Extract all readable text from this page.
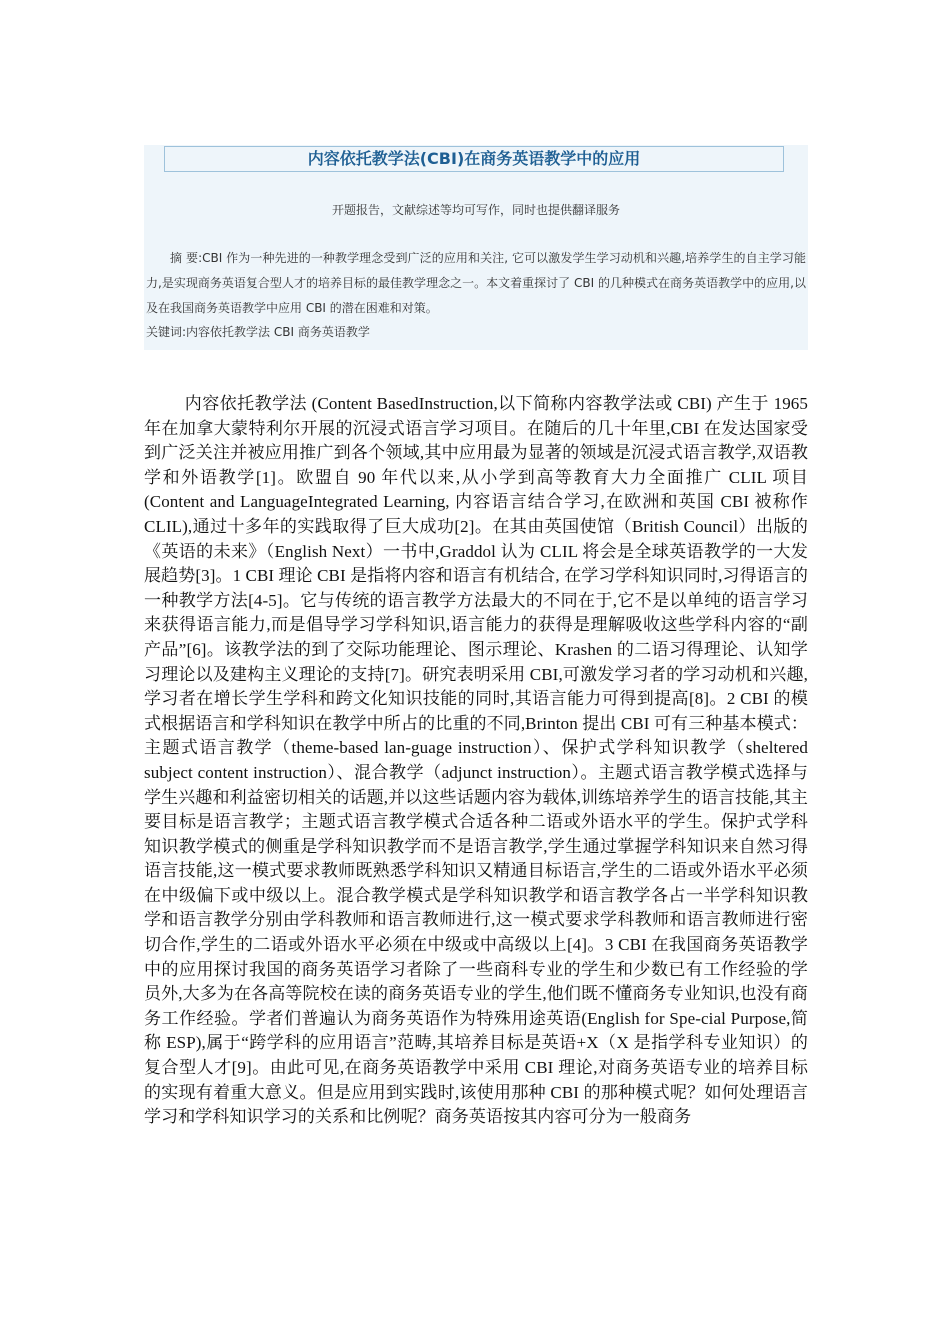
内容依托教学法(CBI)在商务英语教学中的应用
开题报告，文献综述等均可写作，同时也提供翻译服务

摘 要:CBI 作为一种先进的一种教学理念受到广泛的应用和关注, 它可以激发学生学习动机和兴趣,培养学生的自主学习能力,是实现商务英语复合型人才的培养目标的最佳教学理念之一。本文着重探讨了 CBI 的几种模式在商务英语教学中的应用,以及在我国商务英语教学中应用 CBI 的潜在困难和对策。

关键词:内容依托教学法 CBI 商务英语教学

内容依托教学法 (Content BasedInstruction,以下简称内容教学法或 CBI) 产生于 1965 年在加拿大蒙特利尔开展的沉浸式语言学习项目。在随后的几十年里,CBI 在发达国家受到广泛关注并被应用推广到各个领域,其中应用最为显著的领域是沉浸式语言教学,双语教学和外语教学[1]。欧盟自 90 年代以来,从小学到高等教育大力全面推广 CLIL 项目(Content and LanguageIntegrated Learning, 内容语言结合学习,在欧洲和英国 CBI 被称作 CLIL),通过十多年的实践取得了巨大成功[2]。在其由英国使馆（British Council）出版的《英语的未来》（English Next）一书中,Graddol 认为 CLIL 将会是全球英语教学的一大发展趋势[3]。1 CBI 理论 CBI 是指将内容和语言有机结合, 在学习学科知识同时,习得语言的一种教学方法[4-5]。它与传统的语言教学方法最大的不同在于,它不是以单纯的语言学习来获得语言能力,而是倡导学习学科知识,语言能力的获得是理解吸收这些学科内容的“副产品”[6]。该教学法的到了交际功能理论、图示理论、Krashen 的二语习得理论、认知学习理论以及建构主义理论的支持[7]。研究表明采用 CBI,可激发学习者的学习动机和兴趣,学习者在增长学生学科和跨文化知识技能的同时,其语言能力可得到提高[8]。2 CBI 的模式根据语言和学科知识在教学中所占的比重的不同,Brinton 提出 CBI 可有三种基本模式：主题式语言教学（theme-based lan-guage instruction）、保护式学科知识教学（sheltered subject content instruction）、混合教学（adjunct instruction）。主题式语言教学模式选择与学生兴趣和利益密切相关的话题,并以这些话题内容为载体,训练培养学生的语言技能,其主要目标是语言教学；主题式语言教学模式合适各种二语或外语水平的学生。保护式学科知识教学模式的侧重是学科知识教学而不是语言教学,学生通过掌握学科知识来自然习得语言技能,这一模式要求教师既熟悉学科知识又精通目标语言,学生的二语或外语水平必须在中级偏下或中级以上。混合教学模式是学科知识教学和语言教学各占一半学科知识教学和语言教学分别由学科教师和语言教师进行,这一模式要求学科教师和语言教师进行密切合作,学生的二语或外语水平必须在中级或中高级以上[4]。3 CBI 在我国商务英语教学中的应用探讨我国的商务英语学习者除了一些商科专业的学生和少数已有工作经验的学员外,大多为在各高等院校在读的商务英语专业的学生,他们既不懂商务专业知识,也没有商务工作经验。学者们普遍认为商务英语作为特殊用途英语(English for Spe-cial Purpose,简称 ESP),属于“跨学科的应用语言”范畴,其培养目标是英语+X（X 是指学科专业知识）的复合型人才[9]。由此可见,在商务英语教学中采用 CBI 理论,对商务英语专业的培养目标的实现有着重大意义。但是应用到实践时,该使用那种 CBI 的那种模式呢？如何处理语言学习和学科知识学习的关系和比例呢？商务英语按其内容可分为一般商务
